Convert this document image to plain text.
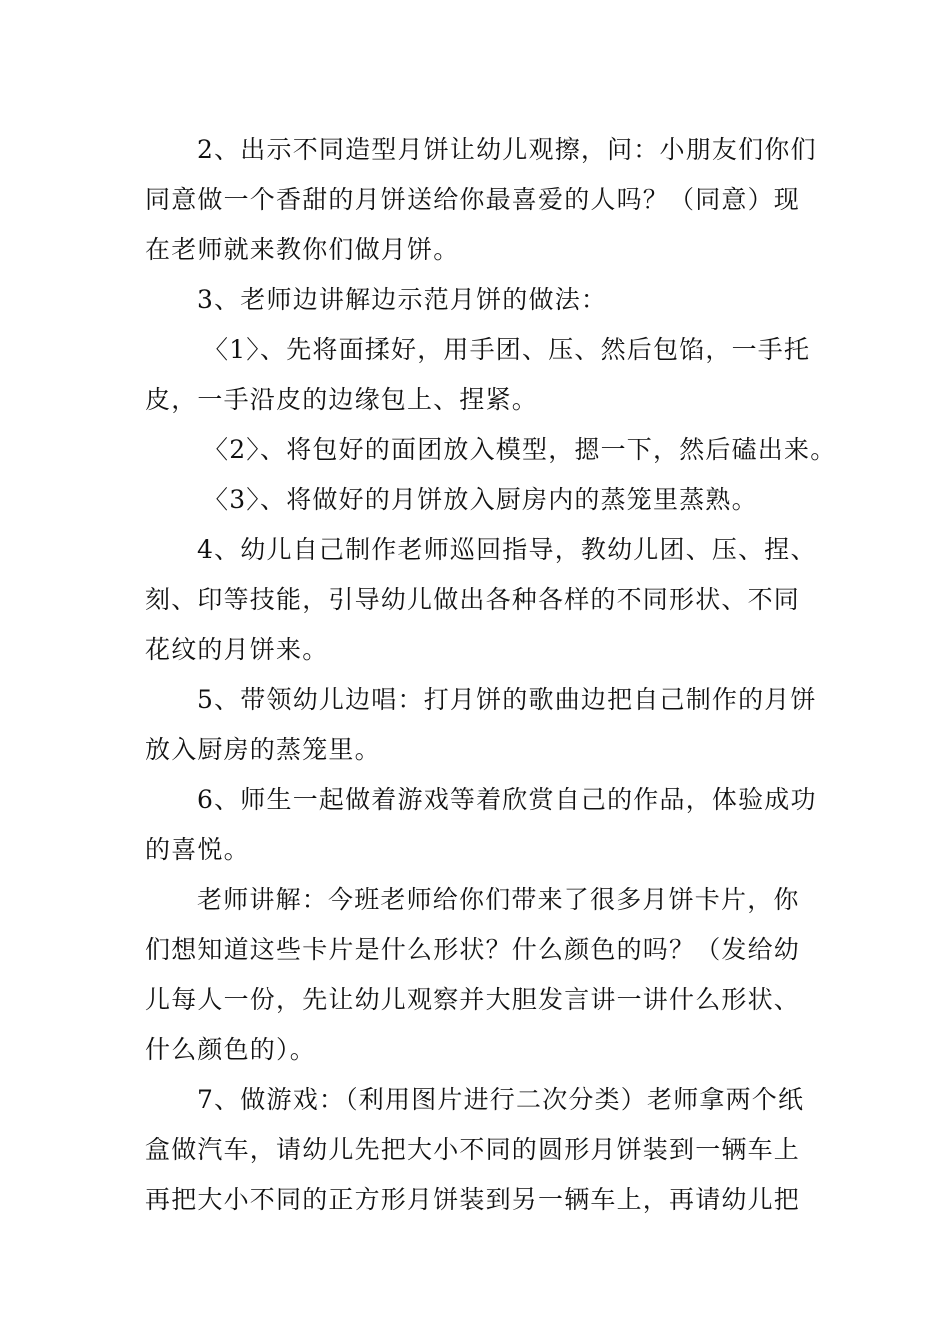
2、出示不同造型月饼让幼儿观擦，问：小朋友们你们
同意做一个香甜的月饼送给你最喜爱的人吗？（同意）现
在老师就来教你们做月饼。
3、老师边讲解边示范月饼的做法：
〈1〉、先将面揉好，用手团、压、然后包馅，一手托
皮，一手沿皮的边缘包上、捏紧。
〈2〉、将包好的面团放入模型，摁一下，然后磕出来。
〈3〉、将做好的月饼放入厨房内的蒸笼里蒸熟。
4、幼儿自己制作老师巡回指导，教幼儿团、压、捏、
刻、印等技能，引导幼儿做出各种各样的不同形状、不同
花纹的月饼来。
5、带领幼儿边唱：打月饼的歌曲边把自己制作的月饼
放入厨房的蒸笼里。
6、师生一起做着游戏等着欣赏自己的作品，体验成功
的喜悦。
老师讲解：今班老师给你们带来了很多月饼卡片，你
们想知道这些卡片是什么形状？什么颜色的吗？（发给幼
儿每人一份，先让幼儿观察并大胆发言讲一讲什么形状、
什么颜色的）。
7、做游戏：（利用图片进行二次分类）老师拿两个纸
盒做汽车，请幼儿先把大小不同的圆形月饼装到一辆车上
再把大小不同的正方形月饼装到另一辆车上，再请幼儿把
